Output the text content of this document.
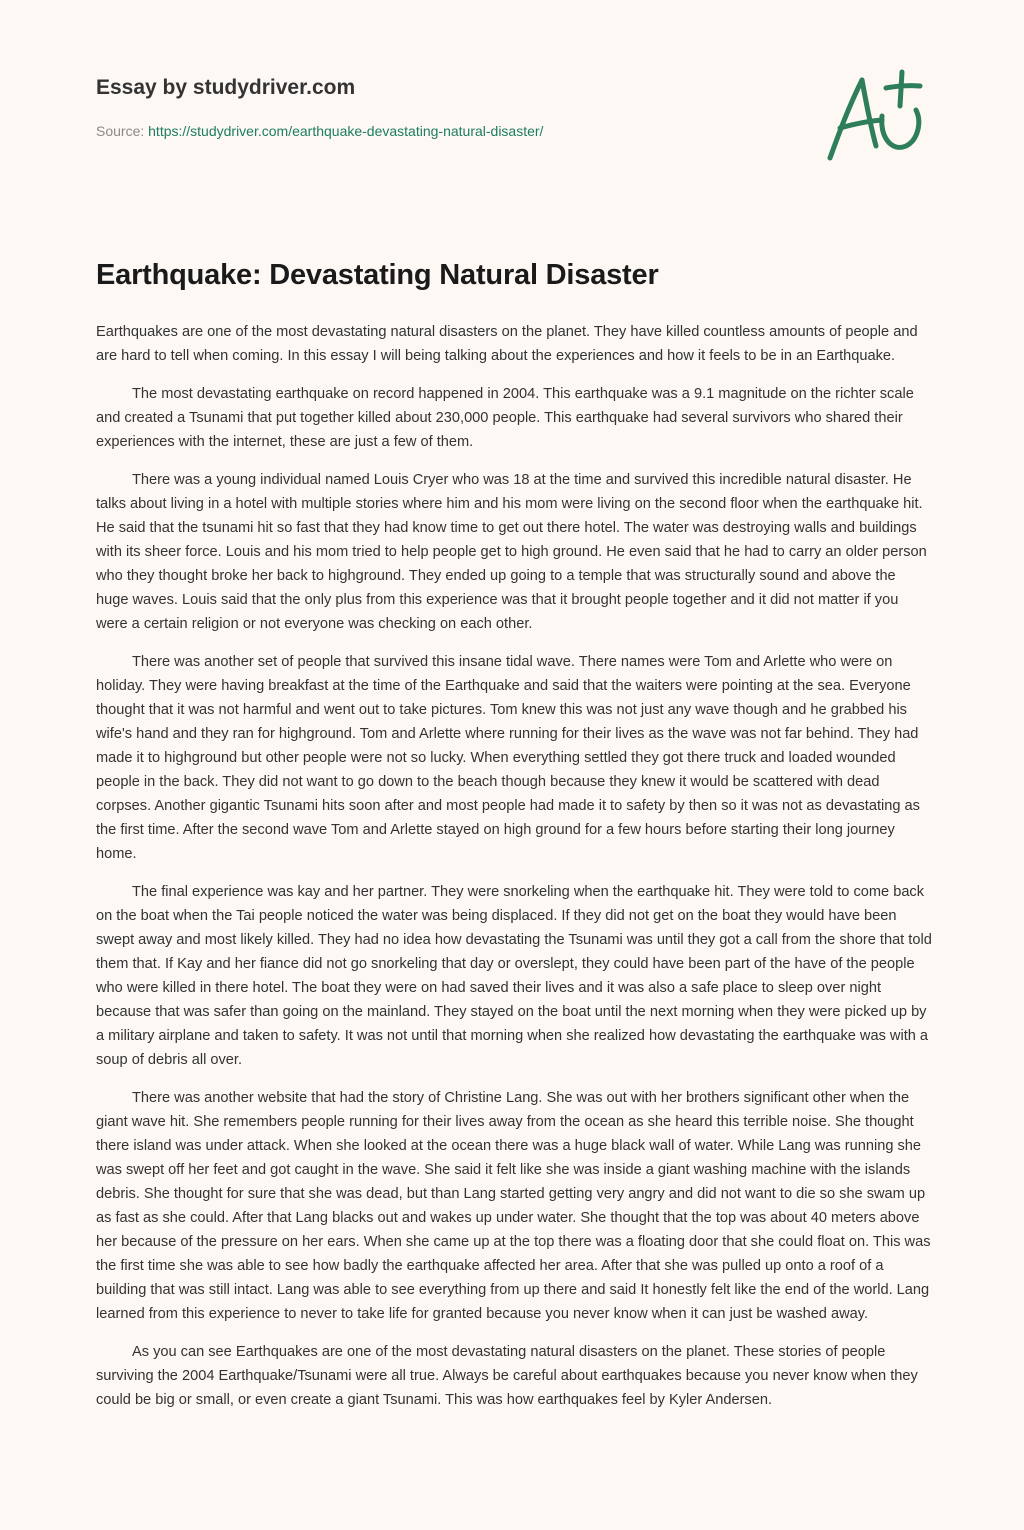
Essay by studydriver.com
Source: https://studydriver.com/earthquake-devastating-natural-disaster/
Earthquake: Devastating Natural Disaster

Earthquakes are one of the most devastating natural disasters on the planet. They have killed countless amounts of people and are hard to tell when coming. In this essay I will being talking about the experiences and how it feels to be in an Earthquake.

The most devastating earthquake on record happened in 2004. This earthquake was a 9.1 magnitude on the richter scale and created a Tsunami that put together killed about 230,000 people. This earthquake had several survivors who shared their experiences with the internet, these are just a few of them.

There was a young individual named Louis Cryer who was 18 at the time and survived this incredible natural disaster. He talks about living in a hotel with multiple stories where him and his mom were living on the second floor when the earthquake hit. He said that the tsunami hit so fast that they had know time to get out there hotel. The water was destroying walls and buildings with its sheer force. Louis and his mom tried to help people get to high ground. He even said that he had to carry an older person who they thought broke her back to highground. They ended up going to a temple that was structurally sound and above the huge waves. Louis said that the only plus from this experience was that it brought people together and it did not matter if you were a certain religion or not everyone was checking on each other.

There was another set of people that survived this insane tidal wave. There names were Tom and Arlette who were on holiday. They were having breakfast at the time of the Earthquake and said that the waiters were pointing at the sea. Everyone thought that it was not harmful and went out to take pictures. Tom knew this was not just any wave though and he grabbed his wife's hand and they ran for highground. Tom and Arlette where running for their lives as the wave was not far behind. They had made it to highground but other people were not so lucky. When everything settled they got there truck and loaded wounded people in the back. They did not want to go down to the beach though because they knew it would be scattered with dead corpses. Another gigantic Tsunami hits soon after and most people had made it to safety by then so it was not as devastating as the first time. After the second wave Tom and Arlette stayed on high ground for a few hours before starting their long journey home.

The final experience was kay and her partner. They were snorkeling when the earthquake hit. They were told to come back on the boat when the Tai people noticed the water was being displaced. If they did not get on the boat they would have been swept away and most likely killed. They had no idea how devastating the Tsunami was until they got a call from the shore that told them that. If Kay and her fiance did not go snorkeling that day or overslept, they could have been part of the have of the people who were killed in there hotel. The boat they were on had saved their lives and it was also a safe place to sleep over night because that was safer than going on the mainland. They stayed on the boat until the next morning when they were picked up by a military airplane and taken to safety. It was not until that morning when she realized how devastating the earthquake was with a soup of debris all over.

There was another website that had the story of Christine Lang. She was out with her brothers significant other when the giant wave hit. She remembers people running for their lives away from the ocean as she heard this terrible noise. She thought there island was under attack. When she looked at the ocean there was a huge black wall of water. While Lang was running she was swept off her feet and got caught in the wave. She said it felt like she was inside a giant washing machine with the islands debris. She thought for sure that she was dead, but than Lang started getting very angry and did not want to die so she swam up as fast as she could. After that Lang blacks out and wakes up under water. She thought that the top was about 40 meters above her because of the pressure on her ears. When she came up at the top there was a floating door that she could float on. This was the first time she was able to see how badly the earthquake affected her area. After that she was pulled up onto a roof of a building that was still intact. Lang was able to see everything from up there and said It honestly felt like the end of the world. Lang learned from this experience to never to take life for granted because you never know when it can just be washed away.

As you can see Earthquakes are one of the most devastating natural disasters on the planet. These stories of people surviving the 2004 Earthquake/Tsunami were all true. Always be careful about earthquakes because you never know when they could be big or small, or even create a giant Tsunami. This was how earthquakes feel by Kyler Andersen.
